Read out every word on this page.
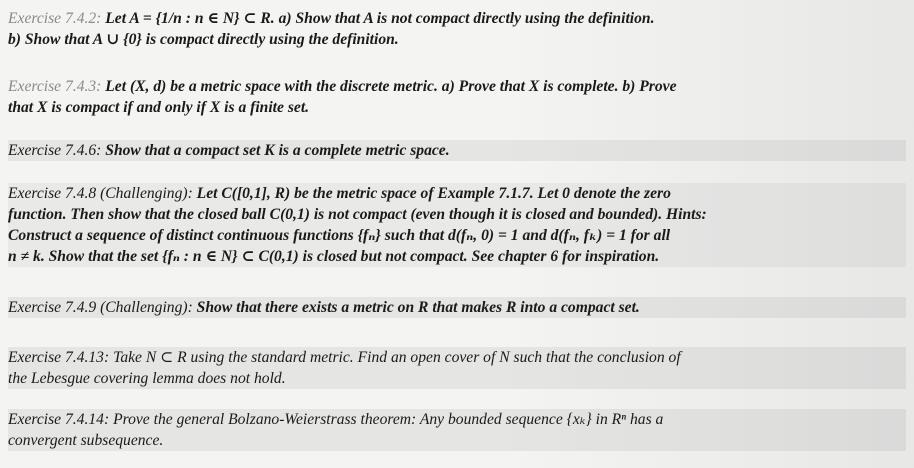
Exercise 7.4.2: Let A = {1/n : n ∈ N} ⊂ R. a) Show that A is not compact directly using the definition.
b) Show that A ∪ {0} is compact directly using the definition.
Exercise 7.4.3: Let (X, d) be a metric space with the discrete metric. a) Prove that X is complete. b) Prove
that X is compact if and only if X is a finite set.
Exercise 7.4.6: Show that a compact set K is a complete metric space.
Exercise 7.4.8 (Challenging): Let C([0,1], R) be the metric space of Example 7.1.7. Let 0 denote the zero
function. Then show that the closed ball C(0,1) is not compact (even though it is closed and bounded). Hints:
Construct a sequence of distinct continuous functions {fₙ} such that d(fₙ, 0) = 1 and d(fₙ, fₖ) = 1 for all
n ≠ k. Show that the set {fₙ : n ∈ N} ⊂ C(0,1) is closed but not compact. See chapter 6 for inspiration.
Exercise 7.4.9 (Challenging): Show that there exists a metric on R that makes R into a compact set.
Exercise 7.4.13: Take N ⊂ R using the standard metric. Find an open cover of N such that the conclusion of
the Lebesgue covering lemma does not hold.
Exercise 7.4.14: Prove the general Bolzano-Weierstrass theorem: Any bounded sequence {xₖ} in Rⁿ has a
convergent subsequence.
